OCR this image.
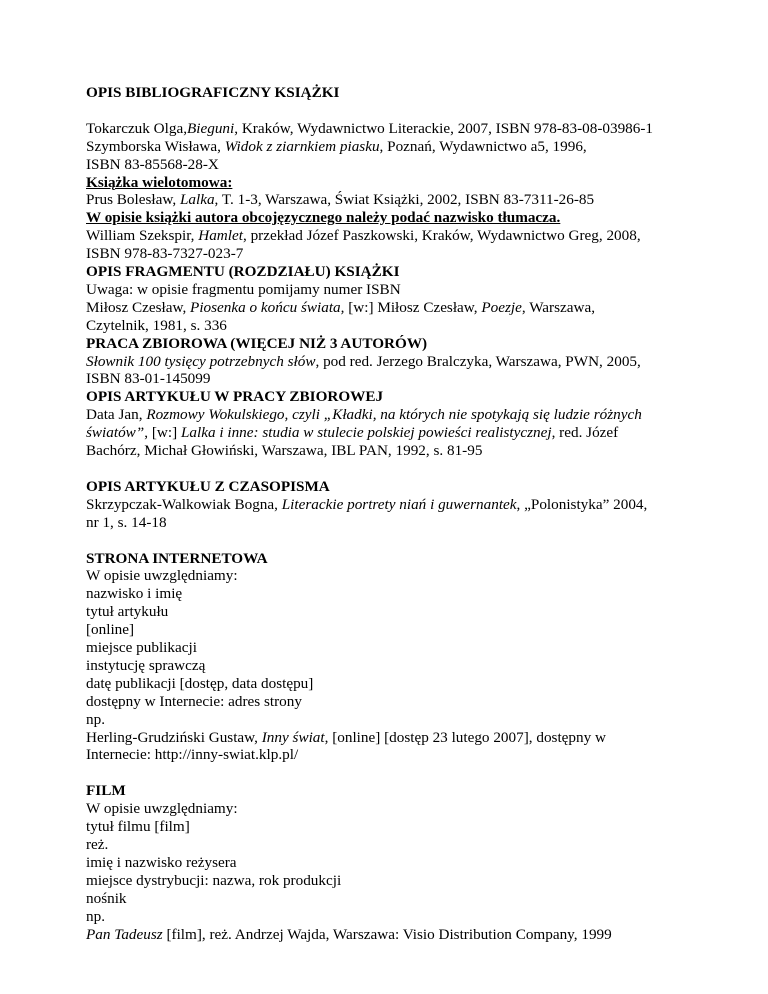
OPIS BIBLIOGRAFICZNY KSIĄŻKI
Tokarczuk Olga,Bieguni, Kraków, Wydawnictwo Literackie, 2007, ISBN 978-83-08-03986-1
Szymborska Wisława, Widok z ziarnkiem piasku, Poznań, Wydawnictwo a5, 1996,
ISBN 83-85568-28-X
Książka wielotomowa:
Prus Bolesław, Lalka, T. 1-3, Warszawa, Świat Książki, 2002, ISBN 83-7311-26-85
W opisie książki autora obcojęzycznego należy podać nazwisko tłumacza.
William Szekspir, Hamlet, przekład Józef Paszkowski, Kraków, Wydawnictwo Greg, 2008,
ISBN 978-83-7327-023-7
OPIS FRAGMENTU (ROZDZIAŁU) KSIĄŻKI
Uwaga: w opisie fragmentu pomijamy numer ISBN
Miłosz Czesław, Piosenka o końcu świata, [w:] Miłosz Czesław, Poezje, Warszawa,
Czytelnik, 1981, s. 336
PRACA ZBIOROWA (WIĘCEJ NIŻ 3 AUTORÓW)
Słownik 100 tysięcy potrzebnych słów, pod red. Jerzego Bralczyka, Warszawa, PWN, 2005,
ISBN 83-01-145099
OPIS ARTYKUŁU W PRACY ZBIOROWEJ
Data Jan, Rozmowy Wokulskiego, czyli „Kładki, na których nie spotykają się ludzie różnych
światów”, [w:] Lalka i inne: studia w stulecie polskiej powieści realistycznej, red. Józef
Bachórz, Michał Głowiński, Warszawa, IBL PAN, 1992, s. 81-95
OPIS ARTYKUŁU Z CZASOPISMA
Skrzypczak-Walkowiak Bogna, Literackie portrety niań i guwernantek, „Polonistyka” 2004,
nr 1, s. 14-18
STRONA INTERNETOWA
W opisie uwzględniamy:
nazwisko i imię
tytuł artykułu
[online]
miejsce publikacji
instytucję sprawczą
datę publikacji [dostęp, data dostępu]
dostępny w Internecie: adres strony
np.
Herling-Grudziński Gustaw, Inny świat, [online] [dostęp 23 lutego 2007], dostępny w
Internecie: http://inny-swiat.klp.pl/
FILM
W opisie uwzględniamy:
tytuł filmu [film]
reż.
imię i nazwisko reżysera
miejsce dystrybucji: nazwa, rok produkcji
nośnik
np.
Pan Tadeusz [film], reż. Andrzej Wajda, Warszawa: Visio Distribution Company, 1999
